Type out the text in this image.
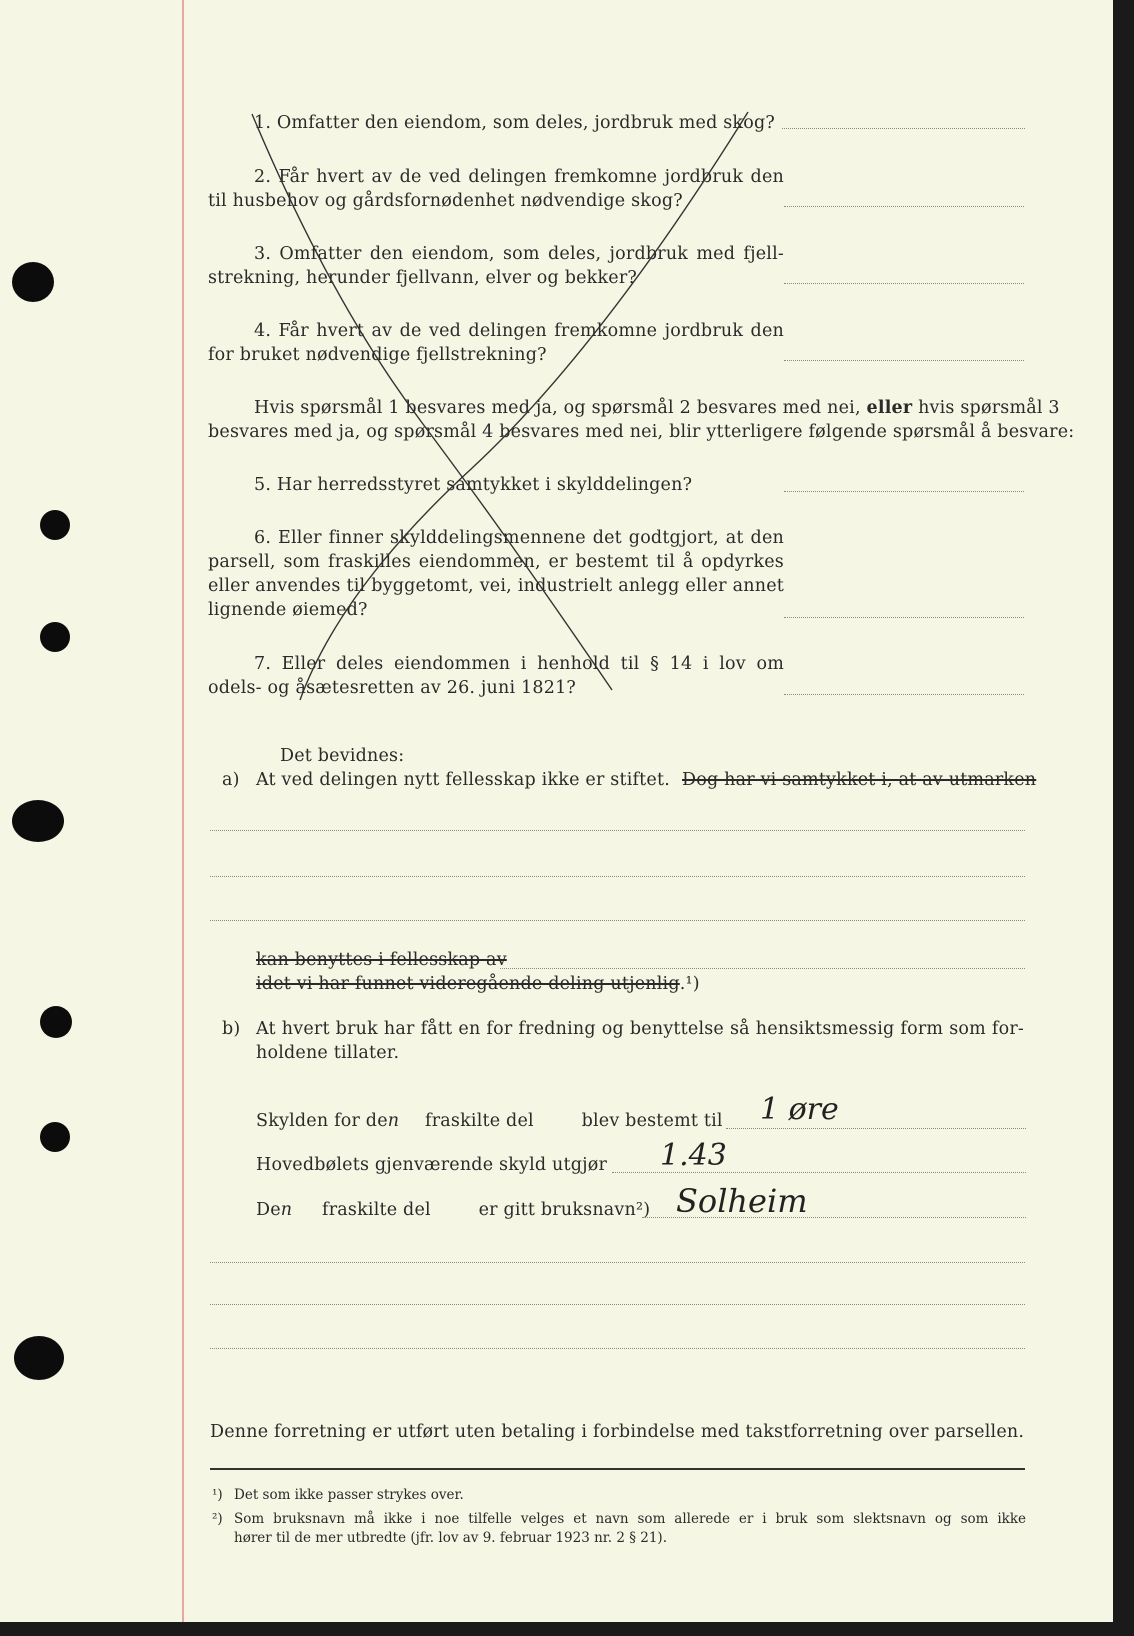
1. Omfatter den eiendom, som deles, jordbruk med skog?
2. Får hvert av de ved delingen fremkomne jordbruk den
til husbehov og gårdsfornødenhet nødvendige skog?
3. Omfatter den eiendom, som deles, jordbruk med fjell-
strekning, herunder fjellvann, elver og bekker?
4. Får hvert av de ved delingen fremkomne jordbruk den
for bruket nødvendige fjellstrekning?
Hvis spørsmål 1 besvares med ja, og spørsmål 2 besvares med nei, eller hvis spørsmål 3
besvares med ja, og spørsmål 4 besvares med nei, blir ytterligere følgende spørsmål å besvare:
5. Har herredsstyret samtykket i skylddelingen?
6. Eller finner skylddelingsmennene det godtgjort, at den
parsell, som fraskilles eiendommen, er bestemt til å opdyrkes
eller anvendes til byggetomt, vei, industrielt anlegg eller annet
lignende øiemed?
7. Eller deles eiendommen i henhold til § 14 i lov om
odels- og åsætesretten av 26. juni 1821?
Det bevidnes:
a) At ved delingen nytt fellesskap ikke er stiftet. Dog har vi samtykket i, at av utmarken
kan benyttes i fellesskap av
idet vi har funnet videregående deling utjenlig.¹)
b) At hvert bruk har fått en for fredning og benyttelse så hensiktsmessig form som for-
holdene tillater.
Skylden for den fraskilte del	blev bestemt til 1 øre
Hovedbølets gjenværende skyld utgjør 1.43
Den fraskilte del	er gitt bruksnavn²) Solheim
Denne forretning er utført uten betaling i forbindelse med takstforretning over parsellen.
¹) Det som ikke passer strykes over.
²) Som bruksnavn må ikke i noe tilfelle velges et navn som allerede er i bruk som slektsnavn og som ikke
hører til de mer utbredte (jfr. lov av 9. februar 1923 nr. 2 § 21).
